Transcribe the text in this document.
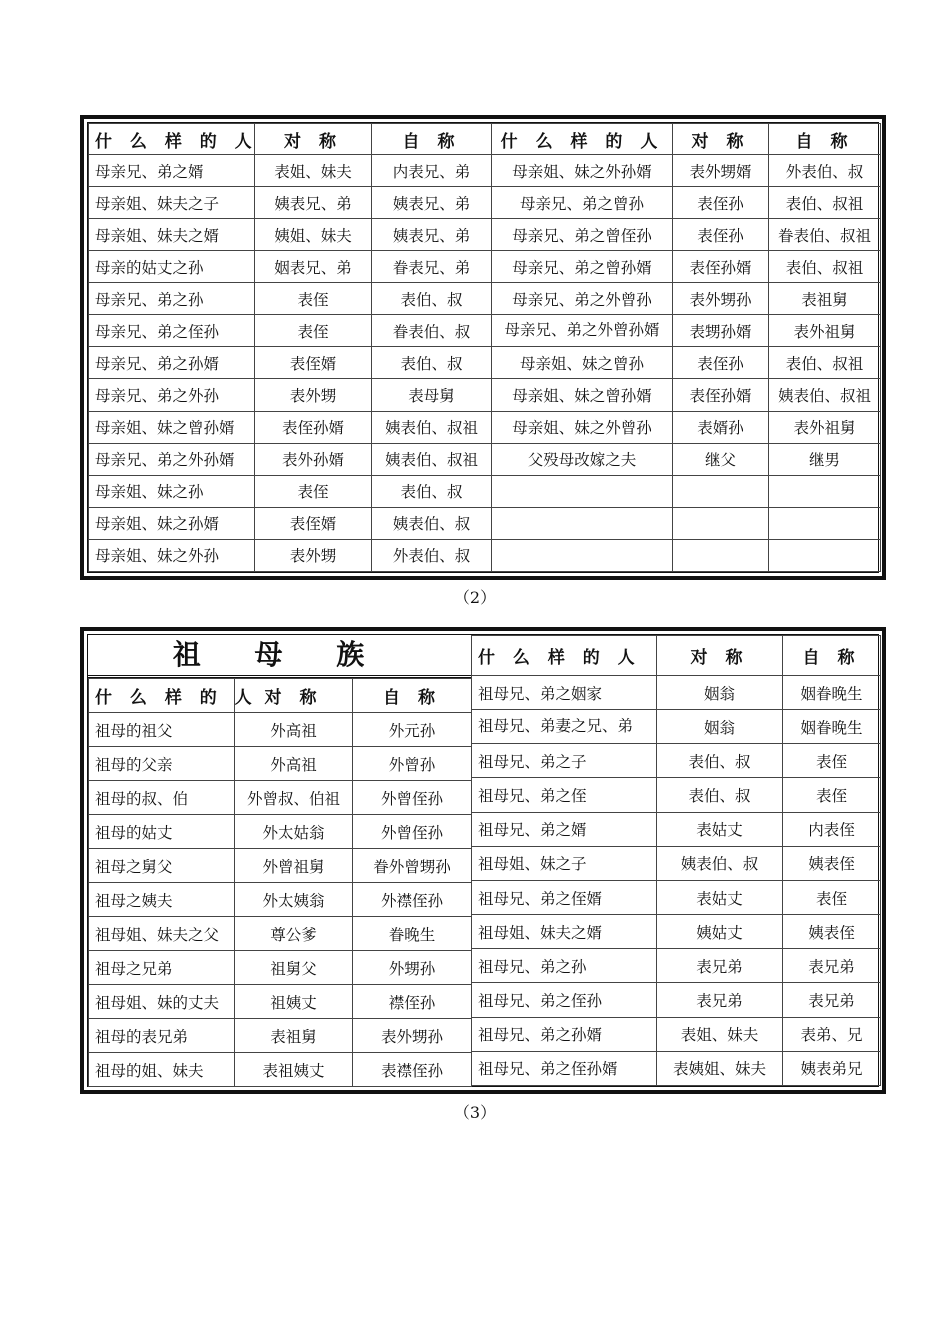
什 么 样 的 人	对 称	自 称
母亲兄、弟之婿	表姐、妹夫	内表兄、弟
母亲姐、妹夫之子	姨表兄、弟	姨表兄、弟
母亲姐、妹夫之婿	姨姐、妹夫	姨表兄、弟
母亲的姑丈之孙	姻表兄、弟	眷表兄、弟
母亲兄、弟之孙	表侄	表伯、叔
母亲兄、弟之侄孙	表侄	眷表伯、叔
母亲兄、弟之孙婿	表侄婿	表伯、叔
母亲兄、弟之外孙	表外甥	表母舅
母亲姐、妹之曾孙婿	表侄孙婿	姨表伯、叔祖
母亲兄、弟之外孙婿	表外孙婿	姨表伯、叔祖
母亲姐、妹之孙	表侄	表伯、叔
母亲姐、妹之孙婿	表侄婿	姨表伯、叔
母亲姐、妹之外孙	表外甥	外表伯、叔
什 么 样 的 人	对 称	自 称
母亲姐、妹之外孙婿	表外甥婿	外表伯、叔
母亲兄、弟之曾孙	表侄孙	表伯、叔祖
母亲兄、弟之曾侄孙	表侄孙	眷表伯、叔祖
母亲兄、弟之曾孙婿	表侄孙婿	表伯、叔祖
母亲兄、弟之外曾孙	表外甥孙	表祖舅
母亲兄、弟之外曾孙婿	表甥孙婿	表外祖舅
母亲姐、妹之曾孙	表侄孙	表伯、叔祖
母亲姐、妹之曾孙婿	表侄孙婿	姨表伯、叔祖
母亲姐、妹之外曾孙	表婿孙	表外祖舅
父殁母改嫁之夫	继父	继男

（2）
祖 母 族
什 么 样 的 人	对 称	自 称
祖母的祖父	外高祖	外元孙
祖母的父亲	外高祖	外曾孙
祖母的叔、伯	外曾叔、伯祖	外曾侄孙
祖母的姑丈	外太姑翁	外曾侄孙
祖母之舅父	外曾祖舅	眷外曾甥孙
祖母之姨夫	外太姨翁	外襟侄孙
祖母姐、妹夫之父	尊公爹	眷晚生
祖母之兄弟	祖舅父	外甥孙
祖母姐、妹的丈夫	祖姨丈	襟侄孙
祖母的表兄弟	表祖舅	表外甥孙
祖母的姐、妹夫	表祖姨丈	表襟侄孙
什 么 样 的 人	对 称	自 称
祖母兄、弟之姻家	姻翁	姻眷晚生
祖母兄、弟妻之兄、弟	姻翁	姻眷晚生
祖母兄、弟之子	表伯、叔	表侄
祖母兄、弟之侄	表伯、叔	表侄
祖母兄、弟之婿	表姑丈	内表侄
祖母姐、妹之子	姨表伯、叔	姨表侄
祖母兄、弟之侄婿	表姑丈	表侄
祖母姐、妹夫之婿	姨姑丈	姨表侄
祖母兄、弟之孙	表兄弟	表兄弟
祖母兄、弟之侄孙	表兄弟	表兄弟
祖母兄、弟之孙婿	表姐、妹夫	表弟、兄
祖母兄、弟之侄孙婿	表姨姐、妹夫	姨表弟兄
（3）
